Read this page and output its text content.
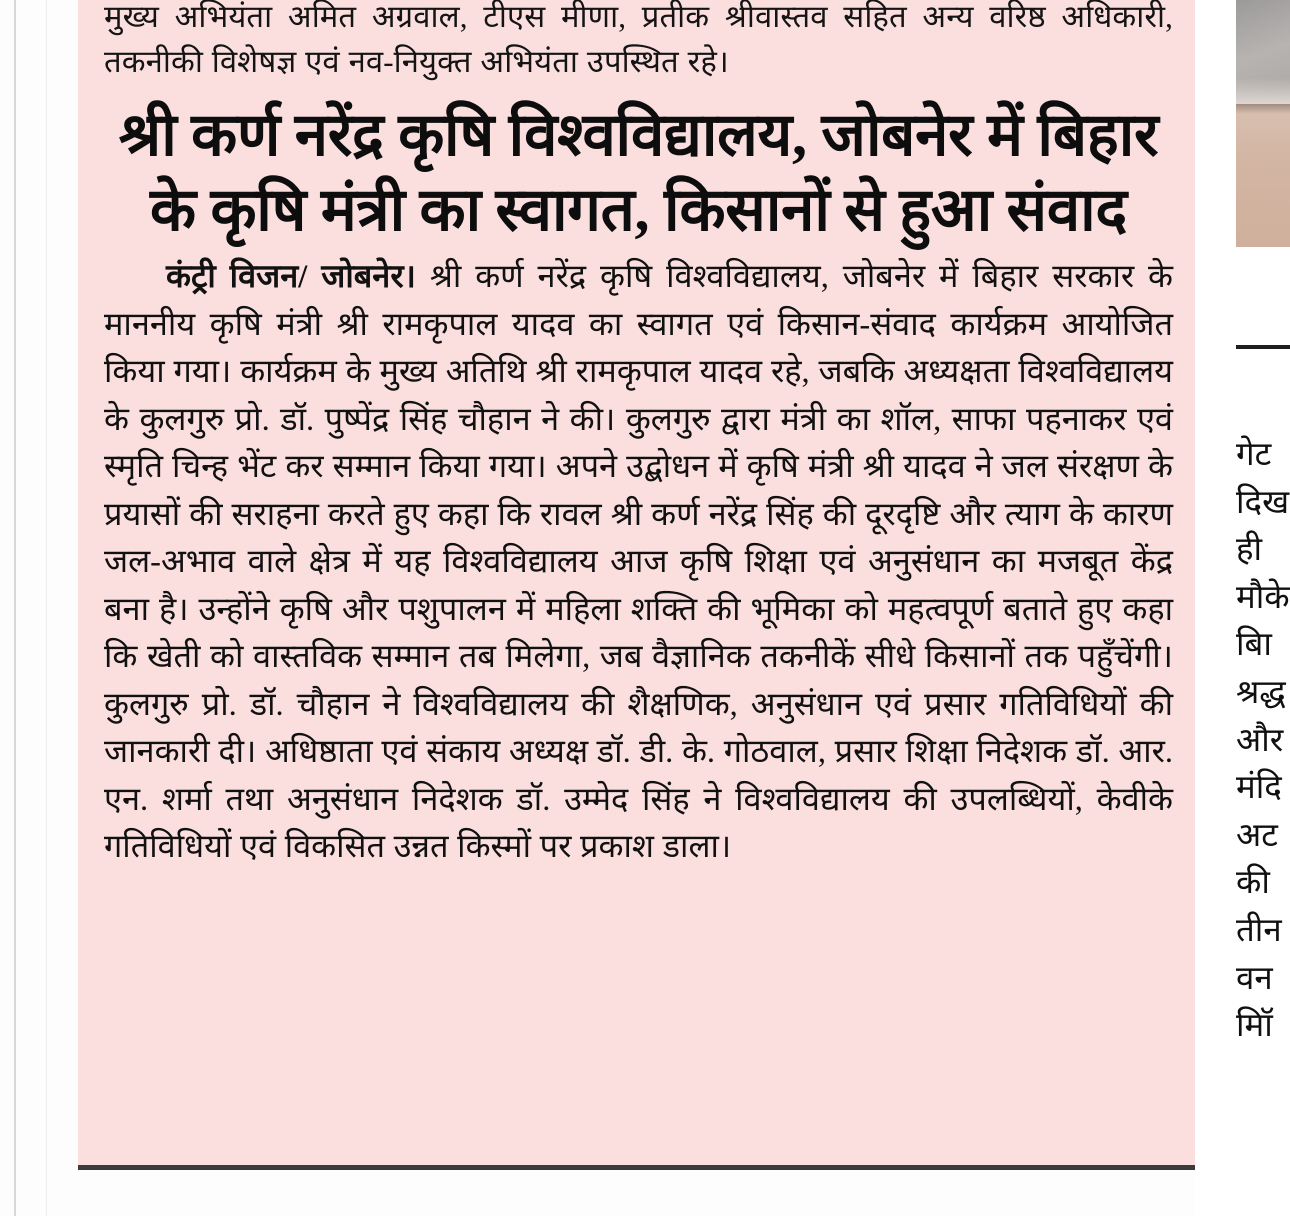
मुख्य अभियंता अमित अग्रवाल, टीएस मीणा, प्रतीक श्रीवास्तव सहित अन्य वरिष्ठ अधिकारी, तकनीकी विशेषज्ञ एवं नव-नियुक्त अभियंता उपस्थित रहे।

श्री कर्ण नरेंद्र कृषि विश्वविद्यालय, जोबनेर में बिहार के कृषि मंत्री का स्वागत, किसानों से हुआ संवाद

कंट्री विजन/ जोबनेर। श्री कर्ण नरेंद्र कृषि विश्वविद्यालय, जोबनेर में बिहार सरकार के माननीय कृषि मंत्री श्री रामकृपाल यादव का स्वागत एवं किसान‌‌-संवाद कार्यक्रम आयोजित किया गया। कार्यक्रम के मुख्य अतिथि श्री रामकृपाल यादव रहे, जबकि अध्यक्षता विश्वविद्यालय के कुलगुरु प्रो. डॉ. पुष्पेंद्र सिंह चौहान ने की। कुलगुरु द्वारा मंत्री का शॉल, साफा पहनाकर एवं स्मृति चिन्ह भेंट कर सम्मान किया गया। अपने उद्बोधन में कृषि मंत्री श्री यादव ने जल संरक्षण के प्रयासों की सराहना करते हुए कहा कि रावल श्री कर्ण नरेंद्र सिंह की दूरदृष्टि और त्याग के कारण जल-अभाव वाले क्षेत्र में यह विश्वविद्यालय आज कृषि शिक्षा एवं अनुसंधान का मजबूत केंद्र बना है। उन्होंने कृषि और पशुपालन में महिला शक्ति की भूमिका को महत्वपूर्ण बताते हुए कहा कि खेती को वास्तविक सम्मान तब मिलेगा, जब वैज्ञानिक तकनीकें सीधे किसानों तक पहुँचेंगी। कुलगुरु प्रो. डॉ. चौहान ने विश्वविद्यालय की शैक्षणिक, अनुसंधान एवं प्रसार गतिविधियों की जानकारी दी। अधिष्ठाता एवं संकाय अध्यक्ष डॉ. डी. के. गोठवाल, प्रसार शिक्षा निदेशक डॉ. आर. एन. शर्मा तथा अनुसंधान निदेशक डॉ. उम्मेद सिंह ने विश्वविद्यालय की उपलब्धियों, केवीके गतिविधियों एवं विकसित उन्नत किस्मों पर प्रकाश डाला।

गेट
दिख
ही
मौके
बाि
श्रद्ध
और
मंदि
अट
की
तीन
वन
मॉि
